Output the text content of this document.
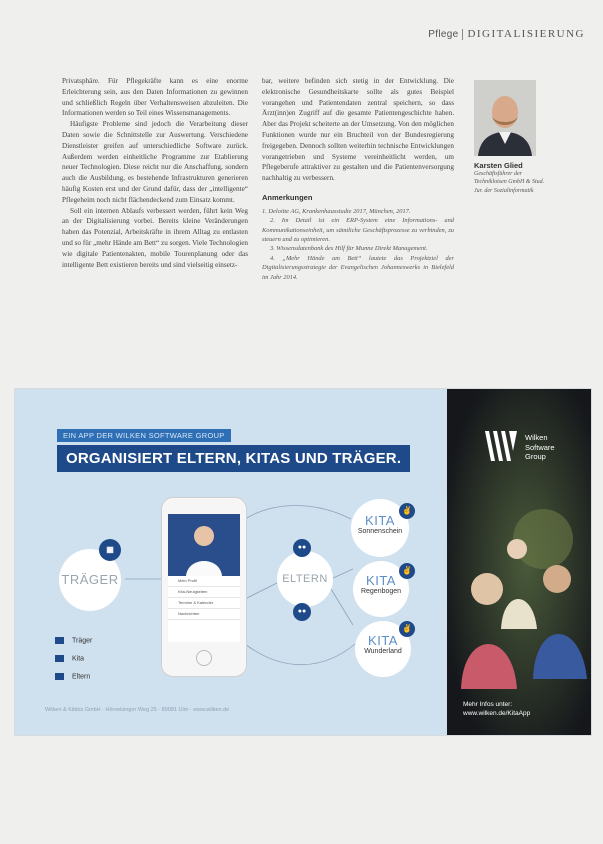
Pflege DIGITALISIERUNG

Privatsphäre. Für Pflegekräfte kann es eine enorme Erleichterung sein, aus den Daten Informationen zu gewinnen und schließlich Regeln über Verhaltensweisen abzuleiten. Die Informationen werden so Teil eines Wissensmanagements.

Häufigste Probleme sind jedoch die Verarbeitung dieser Daten sowie die Schnittstelle zur Auswertung. Verschiedene Dienstleister greifen auf unterschiedliche Software zurück. Außerdem werden einheitliche Programme zur Etablierung neuer Technologien. Diese reicht nur die Anschaffung, sondern auch die Ausbildung, es bestehende Infrastrukturen generieren häufig Kosten erst und der Grund dafür, dass der „intelligente“ Pflegeheim noch nicht flächendeckend zum Einsatz kommt.

Soll ein internen Ablaufs verbessert werden, führt kein Weg an der Digitalisierung vorbei. Bereits kleine Veränderungen haben das Potenzial, Arbeitskräfte in ihrem Alltag zu entlasten und so für „mehr Hände am Bett“ zu sorgen. Viele Technologien wie digitale Patientenakten, mobile Tourenplanung oder das intelligente Bett existieren bereits und sind vielseitig einsetz-

bar, weitere befinden sich stetig in der Entwicklung. Die elektronische Gesundheitskarte sollte als gutes Beispiel vorangehen und Patientendaten zentral speichern, so dass Ärzt(inn)en Zugriff auf die gesamte Patientengeschichte haben. Aber das Projekt scheiterte an der Umsetzung. Von den möglichen Funktionen wurde nur ein Bruchteil von der Bundesregierung freigegeben. Dennoch sollten weiterhin technische Entwicklungen vorangetrieben und Systeme vereinheitlicht werden, um Pflegeberufe attraktiver zu gestalten und die Patientenversorgung nachhaltig zu verbessern.

Anmerkungen

1. Deloitte AG, Krankenhausstudie 2017, München, 2017.

2. Im Detail ist ein ERP-System eine Informations- und Kommunikationseinheit, um sämtliche Geschäftsprozesse zu verbinden, zu steuern und zu optimieren.

3. Wissensdatenbank des Hilf für Munne Direkt Management.

4. „Mehr Hände am Bett“ lautete das Projektziel der Digitalisierungsstrategie der Evangelischen Johanneswerks in Bielefeld im Jahr 2014.

Karsten Glied
Geschäftsführer der Techniklotsen GmbH & Stud. Jur. der Sozialinformatik
EIN APP DER WILKEN SOFTWARE GROUP
ORGANISIERT ELTERN, KITAS UND TRÄGER.
TRÄGER
▦
Mein Profil
Kita-Neuigkeiten
Termine & Kalender
Nachrichten
ELTERN
●●
●●
KITA
Sonnenschein
✌
KITA
Regenbogen
✌
KITA
Wunderland
✌
Träger
Kita
Eltern
Wilken & Kibbis GmbH · Hörvelsinger Weg 25 · 89081 Ulm · www.wilken.de
Wilken
Software
Group
Mehr Infos unter:
www.wilken.de/KitaApp
